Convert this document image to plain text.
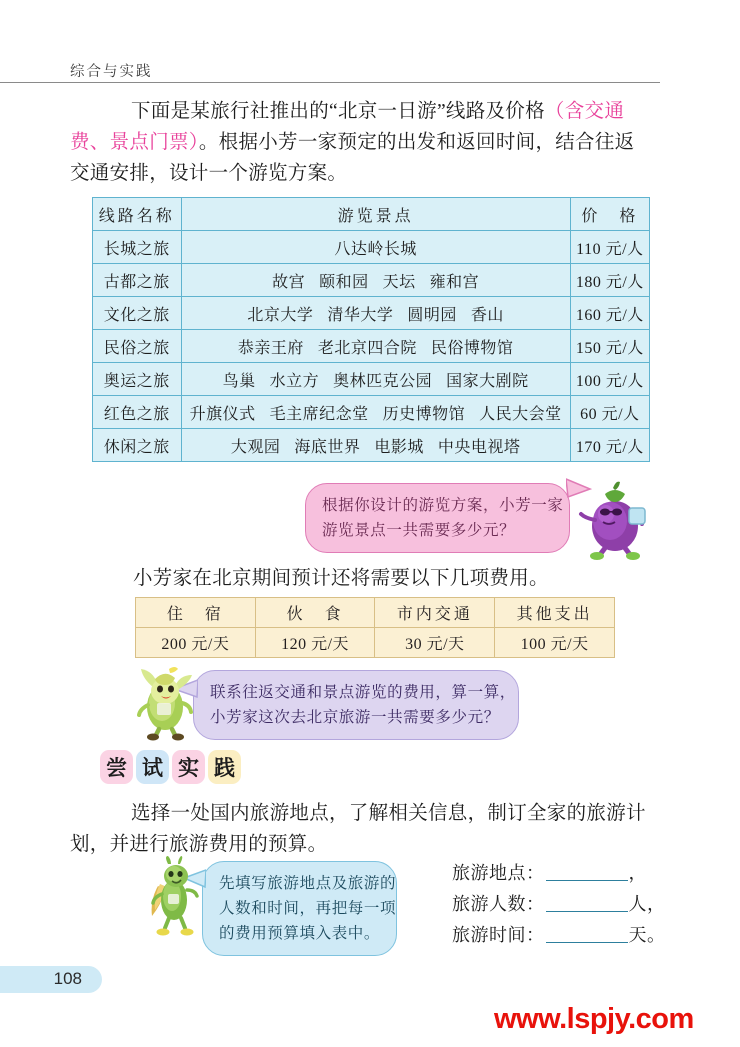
综合与实践
下面是某旅行社推出的“北京一日游”线路及价格（含交通
费、景点门票）。根据小芳一家预定的出发和返回时间，结合往返
交通安排，设计一个游览方案。
线路名称	游览景点	价　格
长城之旅	八达岭长城	110 元/人
古都之旅	故宫 颐和园 天坛 雍和宫	180 元/人
文化之旅	北京大学 清华大学 圆明园 香山	160 元/人
民俗之旅	恭亲王府 老北京四合院 民俗博物馆	150 元/人
奥运之旅	鸟巢 水立方 奥林匹克公园 国家大剧院	100 元/人
红色之旅	升旗仪式 毛主席纪念堂 历史博物馆 人民大会堂	60 元/人
休闲之旅	大观园 海底世界 电影城 中央电视塔	170 元/人
根据你设计的游览方案，小芳一家
游览景点一共需要多少元？
小芳家在北京期间预计还将需要以下几项费用。
住　宿	伙　食	市内交通	其他支出
200 元/天	120 元/天	30 元/天	100 元/天
联系往返交通和景点游览的费用，算一算，
小芳家这次去北京旅游一共需要多少元？
尝 试 实 践
选择一处国内旅游地点，了解相关信息，制订全家的旅游计
划，并进行旅游费用的预算。
先填写旅游地点及旅游的
人数和时间，再把每一项
的费用预算填入表中。
旅游地点：	，
旅游人数：	人，
旅游时间：	天。
108
www.lspjy.com
